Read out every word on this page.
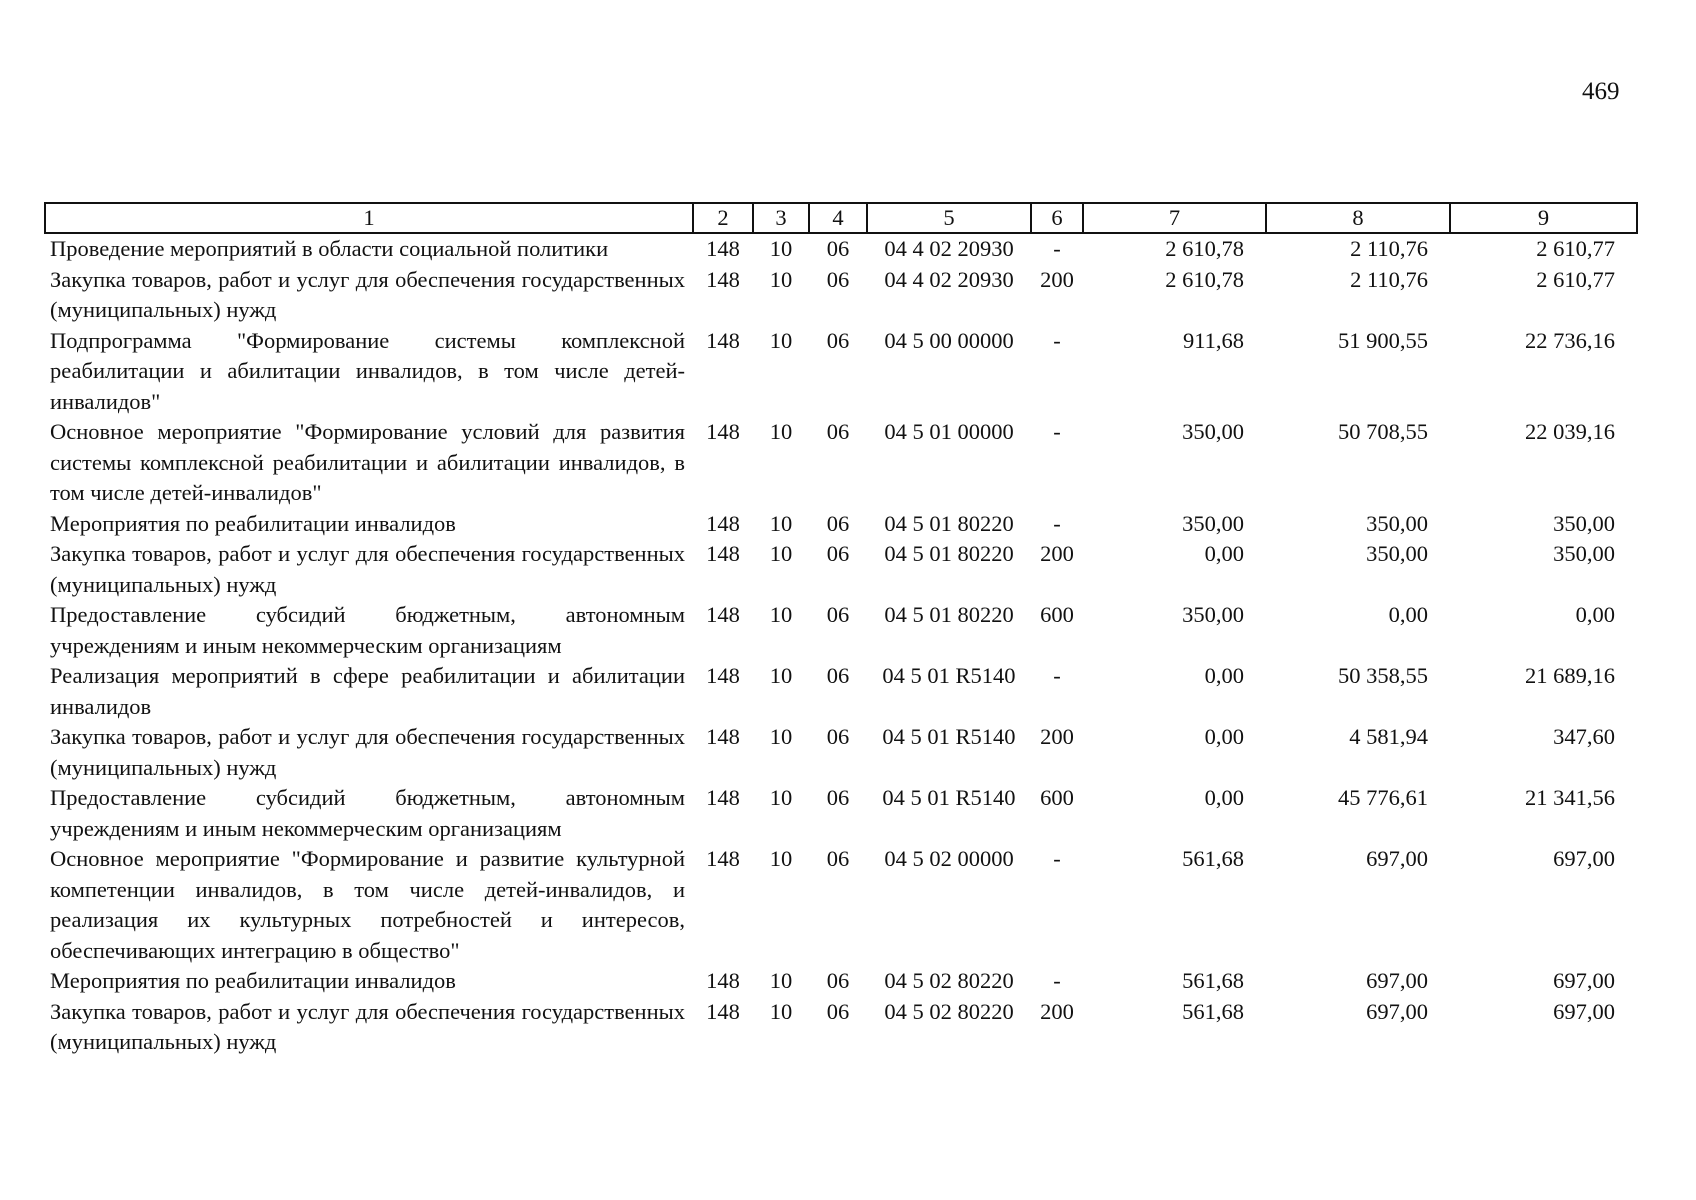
469
1	2	3	4	5	6	7	8	9
Проведение мероприятий в области социальной политики	148	10	06	04 4 02 20930	-	2 610,78	2 110,76	2 610,77
Закупка товаров, работ и услуг для обеспечения государственных (муниципальных) нужд	148	10	06	04 4 02 20930	200	2 610,78	2 110,76	2 610,77
Подпрограмма "Формирование системы комплексной реабилитации и абилитации инвалидов, в том числе детей-инвалидов"	148	10	06	04 5 00 00000	-	911,68	51 900,55	22 736,16
Основное мероприятие "Формирование условий для развития системы комплексной реабилитации и абилитации инвалидов, в том числе детей-инвалидов"	148	10	06	04 5 01 00000	-	350,00	50 708,55	22 039,16
Мероприятия по реабилитации инвалидов	148	10	06	04 5 01 80220	-	350,00	350,00	350,00
Закупка товаров, работ и услуг для обеспечения государственных (муниципальных) нужд	148	10	06	04 5 01 80220	200	0,00	350,00	350,00
Предоставление субсидий бюджетным, автономным учреждениям и иным некоммерческим организациям	148	10	06	04 5 01 80220	600	350,00	0,00	0,00
Реализация мероприятий в сфере реабилитации и абилитации инвалидов	148	10	06	04 5 01 R5140	-	0,00	50 358,55	21 689,16
Закупка товаров, работ и услуг для обеспечения государственных (муниципальных) нужд	148	10	06	04 5 01 R5140	200	0,00	4 581,94	347,60
Предоставление субсидий бюджетным, автономным учреждениям и иным некоммерческим организациям	148	10	06	04 5 01 R5140	600	0,00	45 776,61	21 341,56
Основное мероприятие "Формирование и развитие культурной компетенции инвалидов, в том числе детей-инвалидов, и реализация их культурных потребностей и интересов, обеспечивающих интеграцию в общество"	148	10	06	04 5 02 00000	-	561,68	697,00	697,00
Мероприятия по реабилитации инвалидов	148	10	06	04 5 02 80220	-	561,68	697,00	697,00
Закупка товаров, работ и услуг для обеспечения государственных (муниципальных) нужд	148	10	06	04 5 02 80220	200	561,68	697,00	697,00
